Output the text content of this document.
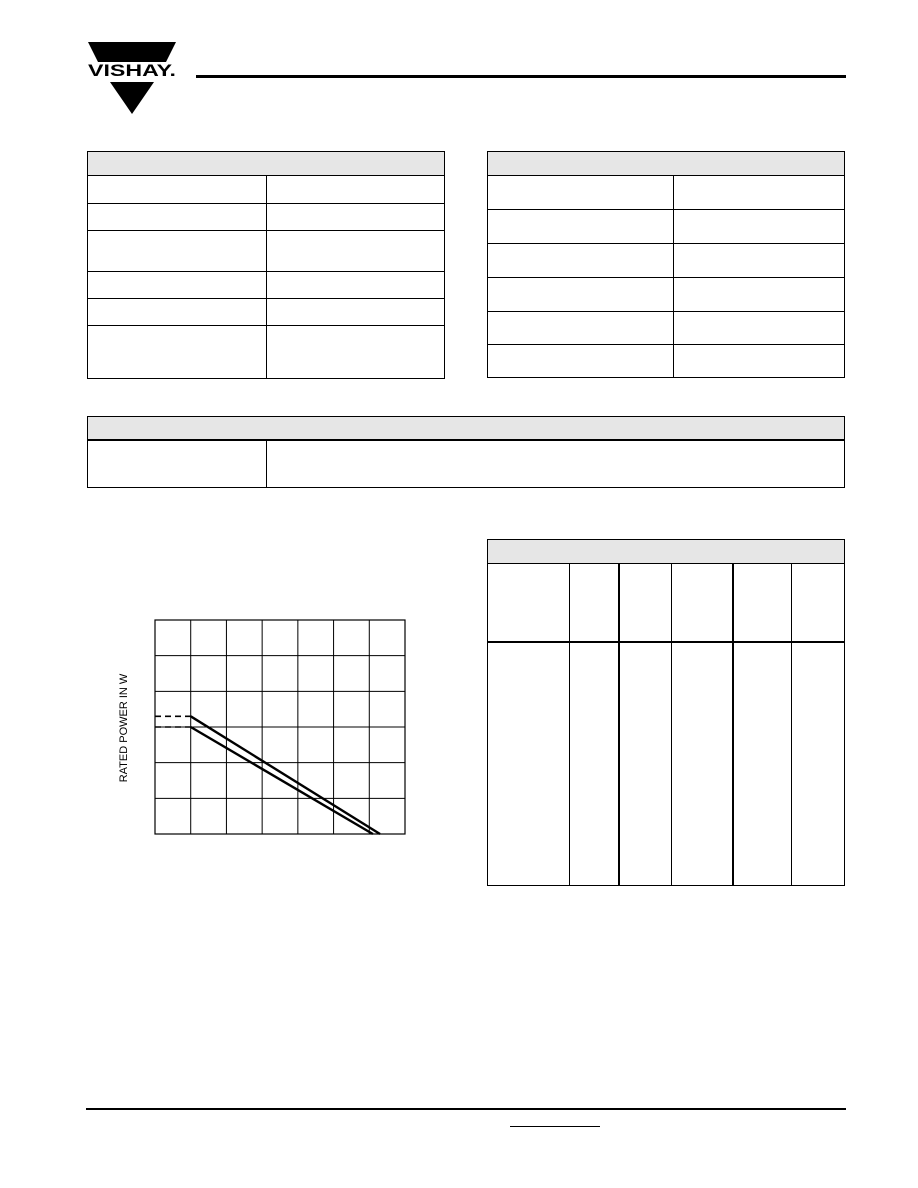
VISHAY.
RATED POWER IN W
